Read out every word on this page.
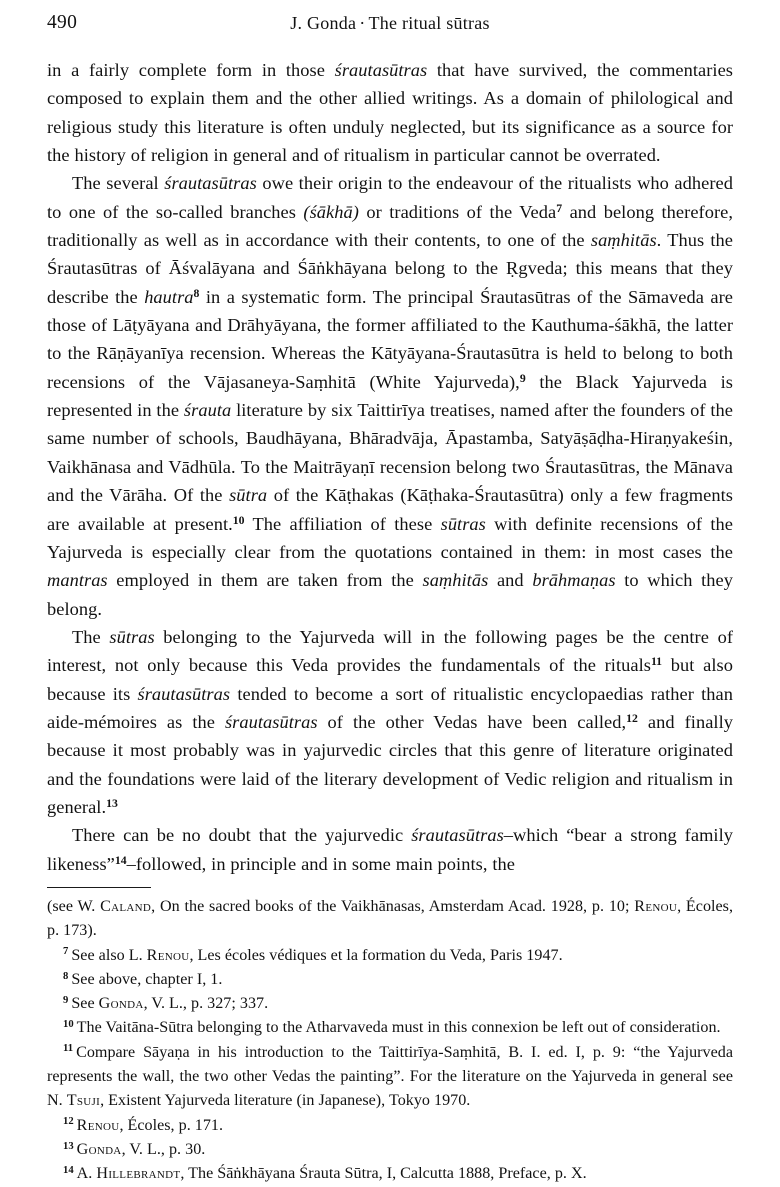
490	J. Gonda · The ritual sūtras

in a fairly complete form in those śrautasūtras that have survived, the commentaries composed to explain them and the other allied writings. As a domain of philological and religious study this literature is often unduly neglected, but its significance as a source for the history of religion in general and of ritualism in particular cannot be overrated.

The several śrautasūtras owe their origin to the endeavour of the ritualists who adhered to one of the so-called branches (śākhā) or traditions of the Veda$^7$ and belong therefore, traditionally as well as in accordance with their contents, to one of the saṃhitās. Thus the Śrautasūtras of Āśvalāyana and Śāṅkhāyana belong to the Ṛgveda; this means that they describe the hautra$^8$ in a systematic form. The principal Śrautasūtras of the Sāmaveda are those of Lāṭyāyana and Drāhyāyana, the former affiliated to the Kauthuma-śākhā, the latter to the Rāṇāyanīya recension. Whereas the Kātyāyana-Śrautasūtra is held to belong to both recensions of the Vājasaneya-Saṃhitā (White Yajurveda),$^9$ the Black Yajurveda is represented in the śrauta literature by six Taittirīya treatises, named after the founders of the same number of schools, Baudhāyana, Bhāradvāja, Āpastamba, Satyāṣāḍha-Hiraṇyakeśin, Vaikhānasa and Vādhūla. To the Maitrāyaṇī recension belong two Śrautasūtras, the Mānava and the Vārāha. Of the sūtra of the Kāṭhakas (Kāṭhaka-Śrautasūtra) only a few fragments are available at present.$^{10}$ The affiliation of these sūtras with definite recensions of the Yajurveda is especially clear from the quotations contained in them: in most cases the mantras employed in them are taken from the saṃhitās and brāhmaṇas to which they belong.

The sūtras belonging to the Yajurveda will in the following pages be the centre of interest, not only because this Veda provides the fundamentals of the rituals$^{11}$ but also because its śrautasūtras tended to become a sort of ritualistic encyclopaedias rather than aide-mémoires as the śrautasūtras of the other Vedas have been called,$^{12}$ and finally because it most probably was in yajurvedic circles that this genre of literature originated and the foundations were laid of the literary development of Vedic religion and ritualism in general.$^{13}$

There can be no doubt that the yajurvedic śrautasūtras–which “bear a strong family likeness”$^{14}$–followed, in principle and in some main points, the

(see W. Caland, On the sacred books of the Vaikhānasas, Amsterdam Acad. 1928, p. 10; Renou, Écoles, p. 173).

$^7$ See also L. Renou, Les écoles védiques et la formation du Veda, Paris 1947.

$^8$ See above, chapter I, 1.

$^9$ See Gonda, V. L., p. 327; 337.

$^{10}$ The Vaitāna-Sūtra belonging to the Atharvaveda must in this connexion be left out of consideration.

$^{11}$ Compare Sāyaṇa in his introduction to the Taittirīya-Saṃhitā, B. I. ed. I, p. 9: “the Yajurveda represents the wall, the two other Vedas the painting”. For the literature on the Yajurveda in general see N. Tsuji, Existent Yajurveda literature (in Japanese), Tokyo 1970.

$^{12}$ Renou, Écoles, p. 171.

$^{13}$ Gonda, V. L., p. 30.

$^{14}$ A. Hillebrandt, The Śāṅkhāyana Śrauta Sūtra, I, Calcutta 1888, Preface, p. X.
